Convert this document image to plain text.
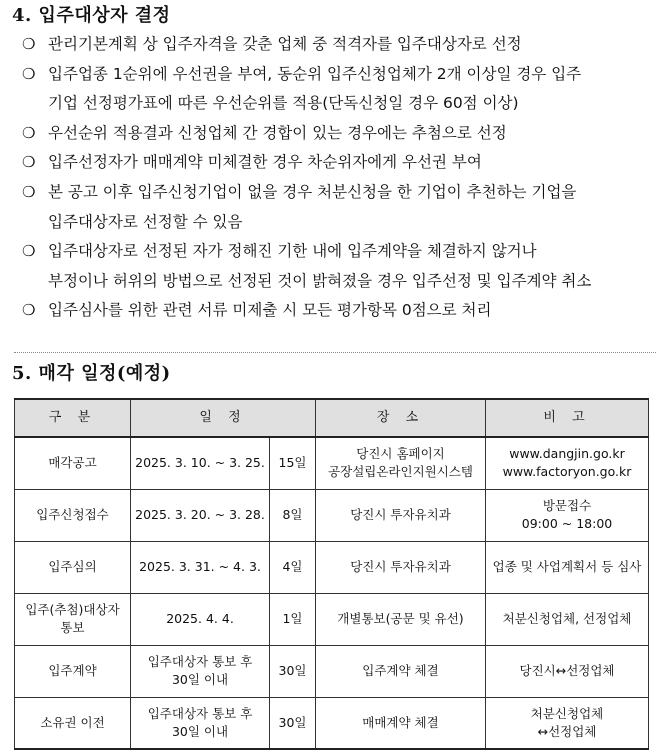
4. 입주대상자 결정
❍ 관리기본계획 상 입주자격을 갖춘 업체 중 적격자를 입주대상자로 선정
❍ 입주업종 1순위에 우선권을 부여, 동순위 입주신청업체가 2개 이상일 경우 입주
기업 선정평가표에 따른 우선순위를 적용(단독신청일 경우 60점 이상)
❍ 우선순위 적용결과 신청업체 간 경합이 있는 경우에는 추첨으로 선정
❍ 입주선정자가 매매계약 미체결한 경우 차순위자에게 우선권 부여
❍ 본 공고 이후 입주신청기업이 없을 경우 처분신청을 한 기업이 추천하는 기업을
입주대상자로 선정할 수 있음
❍ 입주대상자로 선정된 자가 정해진 기한 내에 입주계약을 체결하지 않거나
부정이나 허위의 방법으로 선정된 것이 밝혀졌을 경우 입주선정 및 입주계약 취소
❍ 입주심사를 위한 관련 서류 미제출 시 모든 평가항목 0점으로 처리
5. 매각 일정(예정)
구 분	일 정		장 소	비 고

매각공고	2025. 3. 10. ~ 3. 25.	15일	당진시 홈페이지
공장설립온라인지원시스템	www.dangjin.go.kr
www.factoryon.go.kr

입주신청접수	2025. 3. 20. ~ 3. 28.	8일	당진시 투자유치과	방문접수
09:00 ~ 18:00

입주심의	2025. 3. 31. ~ 4. 3.	4일	당진시 투자유치과	업종 및 사업계획서 등 심사

입주(추첨)대상자
통보	2025. 4. 4.	1일	개별통보(공문 및 유선)	처분신청업체, 선정업체

입주계약	입주대상자 통보 후
30일 이내	30일	입주계약 체결	당진시↔선정업체

소유권 이전	입주대상자 통보 후
30일 이내	30일	매매계약 체결	처분신청업체
↔선정업체
